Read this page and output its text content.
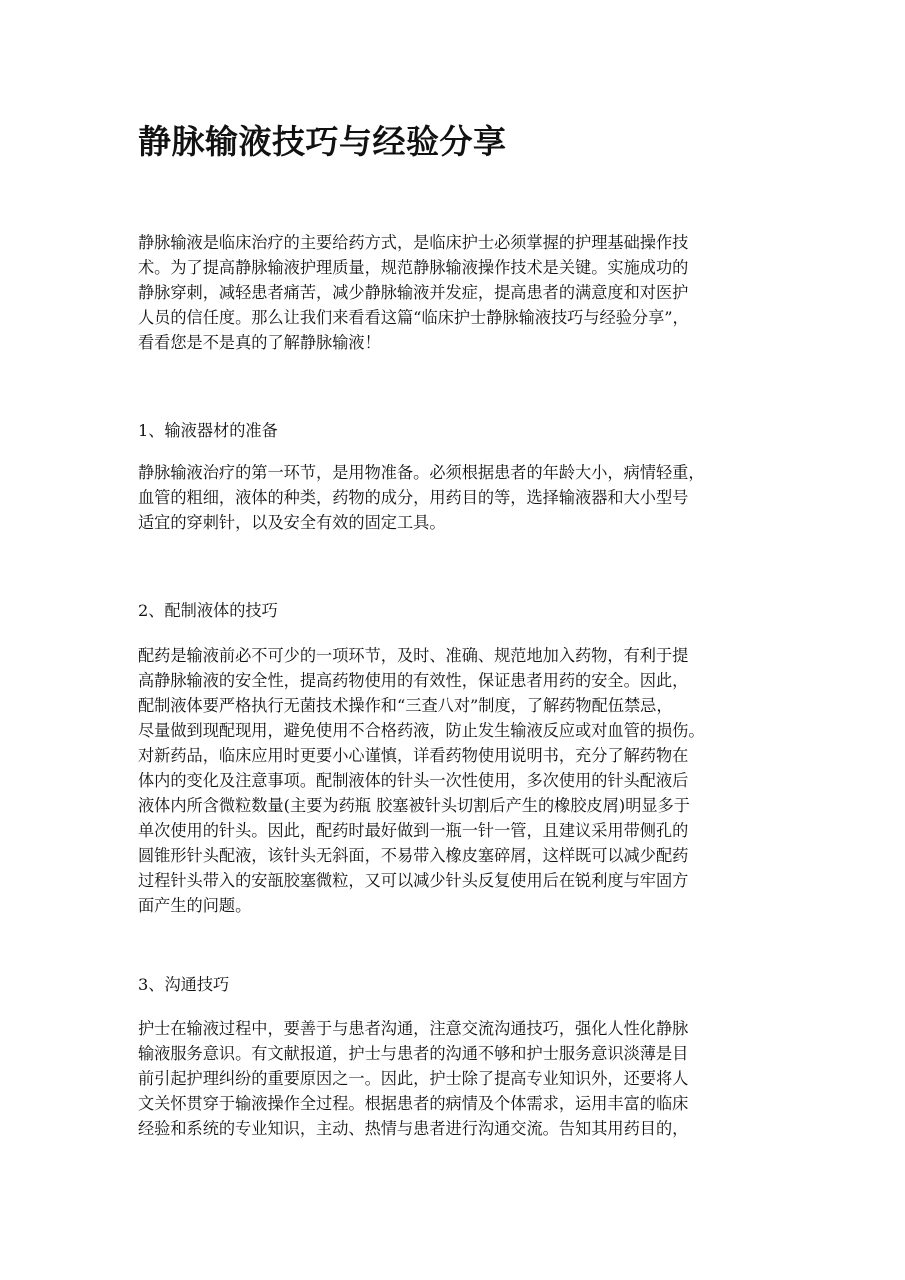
静脉输液技巧与经验分享
静脉输液是临床治疗的主要给药方式，是临床护士必须掌握的护理基础操作技
术。为了提高静脉输液护理质量，规范静脉输液操作技术是关键。实施成功的
静脉穿刺，减轻患者痛苦，减少静脉输液并发症，提高患者的满意度和对医护
人员的信任度。那么让我们来看看这篇“临床护士静脉输液技巧与经验分享”，
看看您是不是真的了解静脉输液！
1、输液器材的准备
静脉输液治疗的第一环节，是用物准备。必须根据患者的年龄大小，病情轻重，
血管的粗细，液体的种类，药物的成分，用药目的等，选择输液器和大小型号
适宜的穿刺针，以及安全有效的固定工具。
2、配制液体的技巧
配药是输液前必不可少的一项环节，及时、准确、规范地加入药物，有利于提
高静脉输液的安全性，提高药物使用的有效性，保证患者用药的安全。因此，
配制液体要严格执行无菌技术操作和“三查八对”制度，了解药物配伍禁忌，
尽量做到现配现用，避免使用不合格药液，防止发生输液反应或对血管的损伤。
对新药品，临床应用时更要小心谨慎，详看药物使用说明书，充分了解药物在
体内的变化及注意事项。配制液体的针头一次性使用，多次使用的针头配液后
液体内所含微粒数量(主要为药瓶 胶塞被针头切割后产生的橡胶皮屑)明显多于
单次使用的针头。因此，配药时最好做到一瓶一针一管，且建议采用带侧孔的
圆锥形针头配液，该针头无斜面，不易带入橡皮塞碎屑，这样既可以减少配药
过程针头带入的安瓿胶塞微粒，又可以减少针头反复使用后在锐利度与牢固方
面产生的问题。
3、沟通技巧
护士在输液过程中，要善于与患者沟通，注意交流沟通技巧，强化人性化静脉
输液服务意识。有文献报道，护士与患者的沟通不够和护士服务意识淡薄是目
前引起护理纠纷的重要原因之一。因此，护士除了提高专业知识外，还要将人
文关怀贯穿于输液操作全过程。根据患者的病情及个体需求，运用丰富的临床
经验和系统的专业知识，主动、热情与患者进行沟通交流。告知其用药目的，
